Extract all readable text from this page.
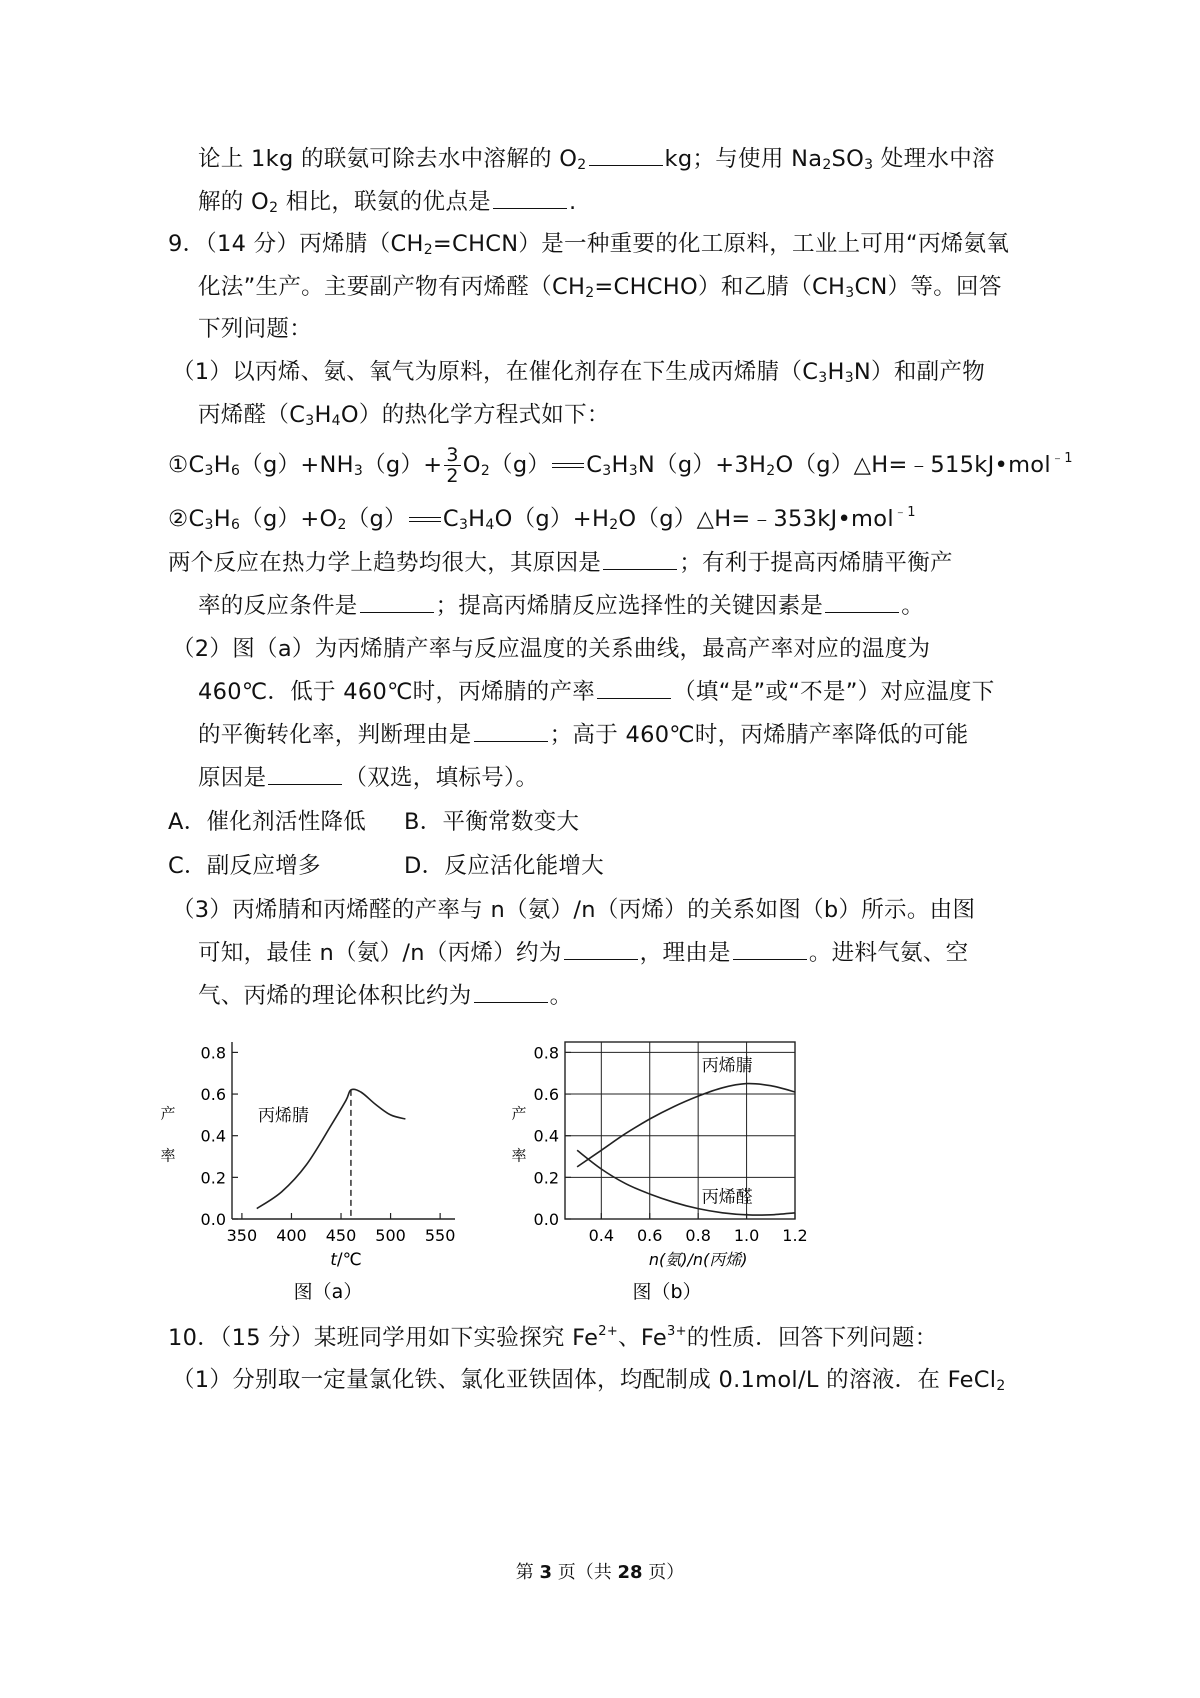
论上 1kg 的联氨可除去水中溶解的 $O_2$	kg；与使用 $Na_2SO_3$ 处理水中溶
解的 $O_2$ 相比，联氨的优点是	.
9．（14 分）丙烯腈$(CH_2=CHCN)$是一种重要的化工原料，工业上可用“丙烯氨氧
化法”生产。主要副产物有丙烯醛$(CH_2=CHCHO)$和乙腈$(CH_3CN)$等。回答
下列问题：
（1）以丙烯、氨、氧气为原料，在催化剂存在下生成丙烯腈$(C_3H_3N)$和副产物
丙烯醛$(C_3H_4O)$的热化学方程式如下：
$①C_3H_6(g)+NH_3(g)+ \frac{3}{2} O_2(g)$ $C_3H_3N(g)+3H_2O(g)\triangle H=﹣515kJ•mol^{﹣1}$
$②C_3H_6(g)+O_2(g)$ $C_3H_4O(g)+H_2O(g)\triangle H=﹣353kJ•mol^{﹣1}$
两个反应在热力学上趋势均很大，其原因是	；有利于提高丙烯腈平衡产
率的反应条件是	；提高丙烯腈反应选择性的关键因素是	。
（2）图（a）为丙烯腈产率与反应温度的关系曲线，最高产率对应的温度为
460℃．低于 460℃时，丙烯腈的产率	（填“是”或“不是”）对应温度下
的平衡转化率，判断理由是	；高于 460℃时，丙烯腈产率降低的可能
原因是	（双选，填标号）。
A．催化剂活性降低 B．平衡常数变大
C．副反应增多	D．反应活化能增大
（3）丙烯腈和丙烯醛的产率与 n（氨）/n（丙烯）的关系如图（b）所示。由图
可知，最佳 n（氨）/n（丙烯）约为	，理由是	。进料气氨、空
气、丙烯的理论体积比约为	。
0.0
0.2
0.4
0.6
0.8
350 400 450 500 550
产
率
丙烯腈
t/℃
图（a）
0.0
0.2
0.4
0.6
0.8
0.4 0.6 0.8 1.0 1.2
产
率
丙烯腈
丙烯醛
n(氨)/n(丙烯)
图（b）
10．（15 分）某班同学用如下实验探究 $Fe^{2+}$、$Fe^{3+}$的性质．回答下列问题：
（1）分别取一定量氯化铁、氯化亚铁固体，均配制成 0.1mol/L 的溶液．在 FeCl$_2$
第 3 页（共 28 页）
